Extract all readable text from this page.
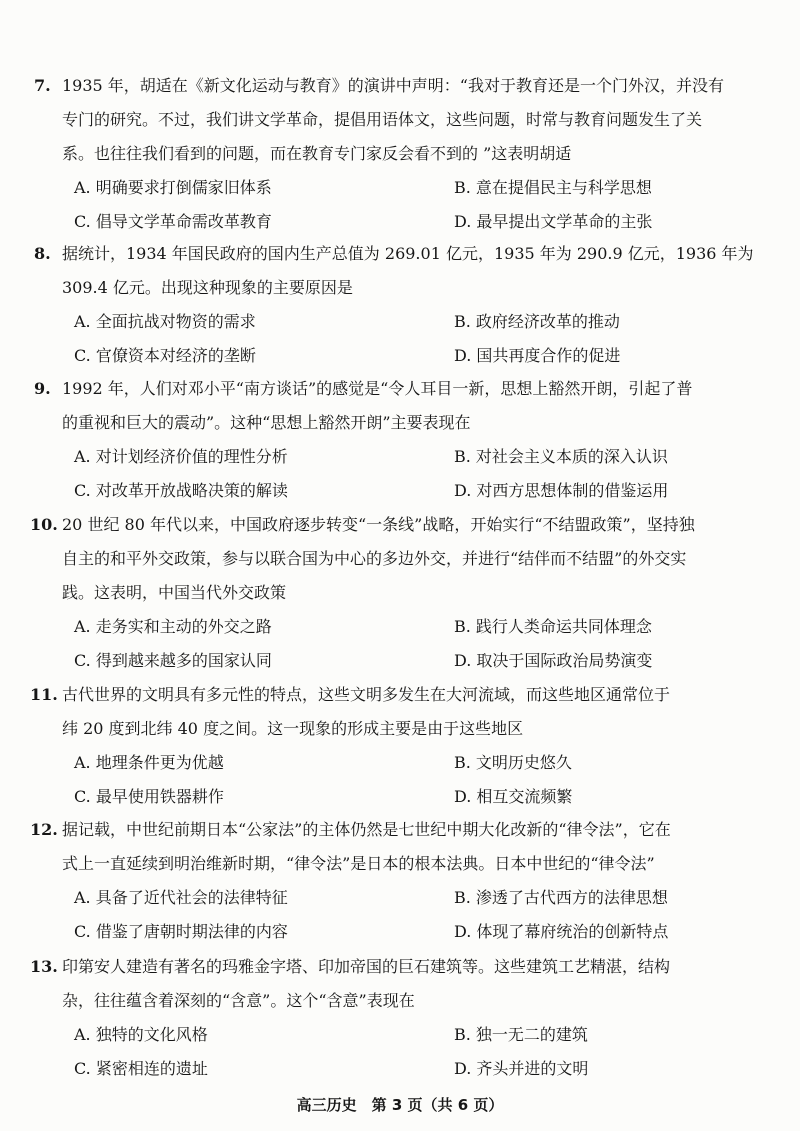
7. 1935 年，胡适在《新文化运动与教育》的演讲中声明：“我对于教育还是一个门外汉，并没有
专门的研究。不过，我们讲文学革命，提倡用语体文，这些问题，时常与教育问题发生了关
系。也往往我们看到的问题，而在教育专门家反会看不到的 ”这表明胡适
A. 明确要求打倒儒家旧体系	B. 意在提倡民主与科学思想
C. 倡导文学革命需改革教育	D. 最早提出文学革命的主张
8. 据统计，1934 年国民政府的国内生产总值为 269.01 亿元，1935 年为 290.9 亿元，1936 年为
309.4 亿元。出现这种现象的主要原因是
A. 全面抗战对物资的需求	B. 政府经济改革的推动
C. 官僚资本对经济的垄断	D. 国共再度合作的促进
9. 1992 年，人们对邓小平“南方谈话”的感觉是“令人耳目一新，思想上豁然开朗，引起了普
的重视和巨大的震动”。这种“思想上豁然开朗”主要表现在
A. 对计划经济价值的理性分析	B. 对社会主义本质的深入认识
C. 对改革开放战略决策的解读	D. 对西方思想体制的借鉴运用
10. 20 世纪 80 年代以来，中国政府逐步转变“一条线”战略，开始实行“不结盟政策”，坚持独
自主的和平外交政策，参与以联合国为中心的多边外交，并进行“结伴而不结盟”的外交实
践。这表明，中国当代外交政策
A. 走务实和主动的外交之路	B. 践行人类命运共同体理念
C. 得到越来越多的国家认同	D. 取决于国际政治局势演变
11. 古代世界的文明具有多元性的特点，这些文明多发生在大河流域，而这些地区通常位于
纬 20 度到北纬 40 度之间。这一现象的形成主要是由于这些地区
A. 地理条件更为优越	B. 文明历史悠久
C. 最早使用铁器耕作	D. 相互交流频繁
12. 据记载，中世纪前期日本“公家法”的主体仍然是七世纪中期大化改新的“律令法”，它在
式上一直延续到明治维新时期，“律令法”是日本的根本法典。日本中世纪的“律令法”
A. 具备了近代社会的法律特征	B. 渗透了古代西方的法律思想
C. 借鉴了唐朝时期法律的内容	D. 体现了幕府统治的创新特点
13. 印第安人建造有著名的玛雅金字塔、印加帝国的巨石建筑等。这些建筑工艺精湛，结构
杂，往往蕴含着深刻的“含意”。这个“含意”表现在
A. 独特的文化风格	B. 独一无二的建筑
C. 紧密相连的遗址	D. 齐头并进的文明
高三历史　第 3 页（共 6 页）
